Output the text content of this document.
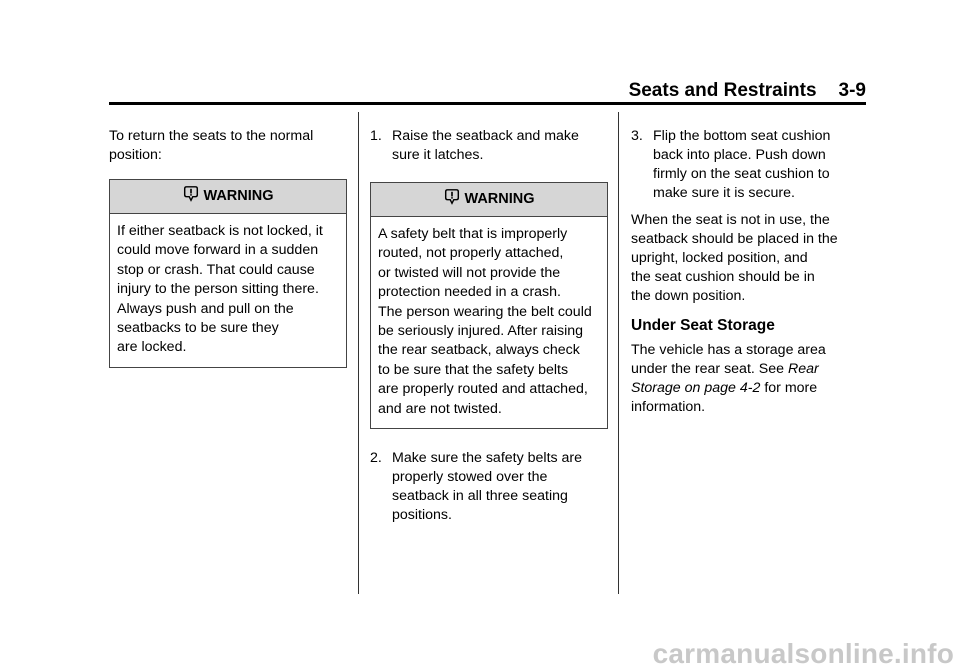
Seats and Restraints 3-9

To return the seats to the normal
position:

WARNING
If either seatback is not locked, it
could move forward in a sudden
stop or crash. That could cause
injury to the person sitting there.
Always push and pull on the
seatbacks to be sure they
are locked.
1. Raise the seatback and make
sure it latches.
WARNING
A safety belt that is improperly
routed, not properly attached,
or twisted will not provide the
protection needed in a crash.
The person wearing the belt could
be seriously injured. After raising
the rear seatback, always check
to be sure that the safety belts
are properly routed and attached,
and are not twisted.
2. Make sure the safety belts are
properly stowed over the
seatback in all three seating
positions.
3. Flip the bottom seat cushion
back into place. Push down
firmly on the seat cushion to
make sure it is secure.

When the seat is not in use, the
seatback should be placed in the
upright, locked position, and
the seat cushion should be in
the down position.

Under Seat Storage

The vehicle has a storage area
under the rear seat. See Rear
Storage on page 4-2 for more
information.

carmanualsonline.info
